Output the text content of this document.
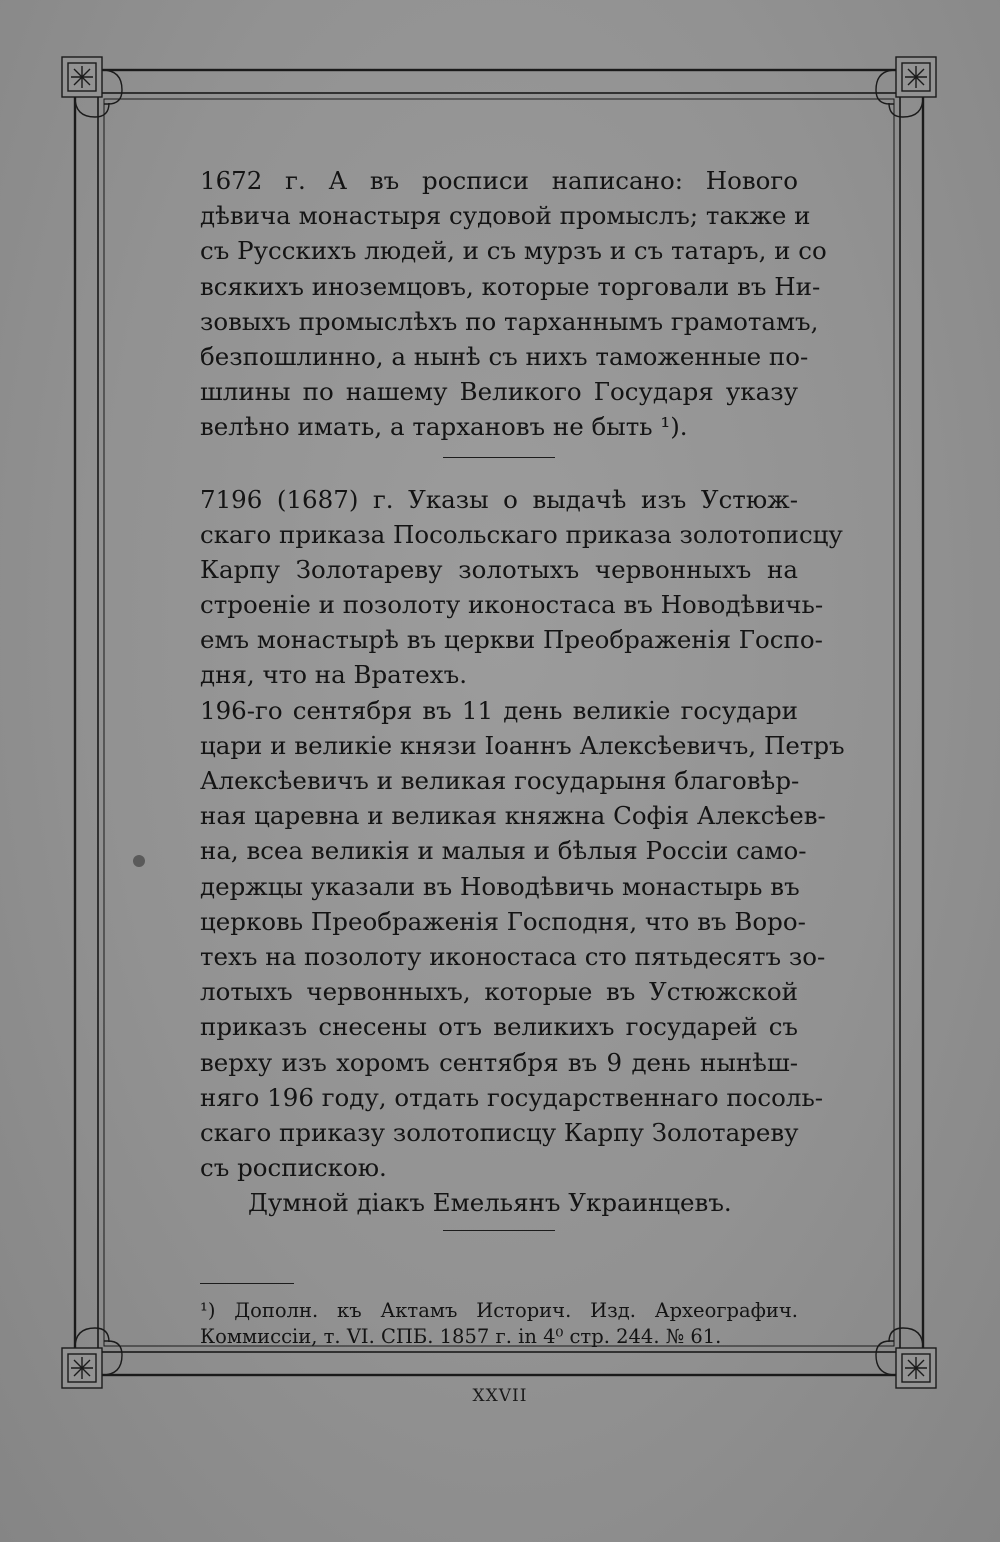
1672 г. А въ росписи написано: Нового
дѣвича монастыря судовой промыслъ; также и
съ Русскихъ людей, и съ мурзъ и съ татаръ, и со
всякихъ иноземцовъ, которые торговали въ Ни-
зовыхъ промыслѣхъ по тарханнымъ грамотамъ,
безпошлинно, а нынѣ съ нихъ таможенные по-
шлины по нашему Великого Государя указу
велѣно имать, а тархановъ не быть ¹).
7196 (1687) г. Указы о выдачѣ изъ Устюж-
скаго приказа Посольскаго приказа золотописцу
Карпу Золотареву золотыхъ червонныхъ на
строенiе и позолоту иконостаса въ Новодѣвичь-
емъ монастырѣ въ церкви Преображенiя Госпо-
дня, что на Вратехъ.
196-го сентября въ 11 день великiе государи
цари и великiе князи Iоаннъ Алексѣевичъ, Петръ
Алексѣевичъ и великая государыня благовѣр-
ная царевна и великая княжна Софiя Алексѣев-
на, всеа великiя и малыя и бѣлыя Россiи само-
держцы указали въ Новодѣвичь монастырь въ
церковь Преображенiя Господня, что въ Воро-
техъ на позолоту иконостаса сто пятьдесятъ зо-
лотыхъ червонныхъ, которые въ Устюжской
приказъ снесены отъ великихъ государей съ
верху изъ хоромъ сентября въ 9 день нынѣш-
няго 196 году, отдать государственнаго посоль-
скаго приказу золотописцу Карпу Золотареву
съ роспискою.
Думной дiакъ Емельянъ Украинцевъ.
¹) Дополн. къ Актамъ Историч. Изд. Археографич.
Коммиссiи, т. VI. СПБ. 1857 г. in 4⁰ стр. 244. № 61.
XXVII
